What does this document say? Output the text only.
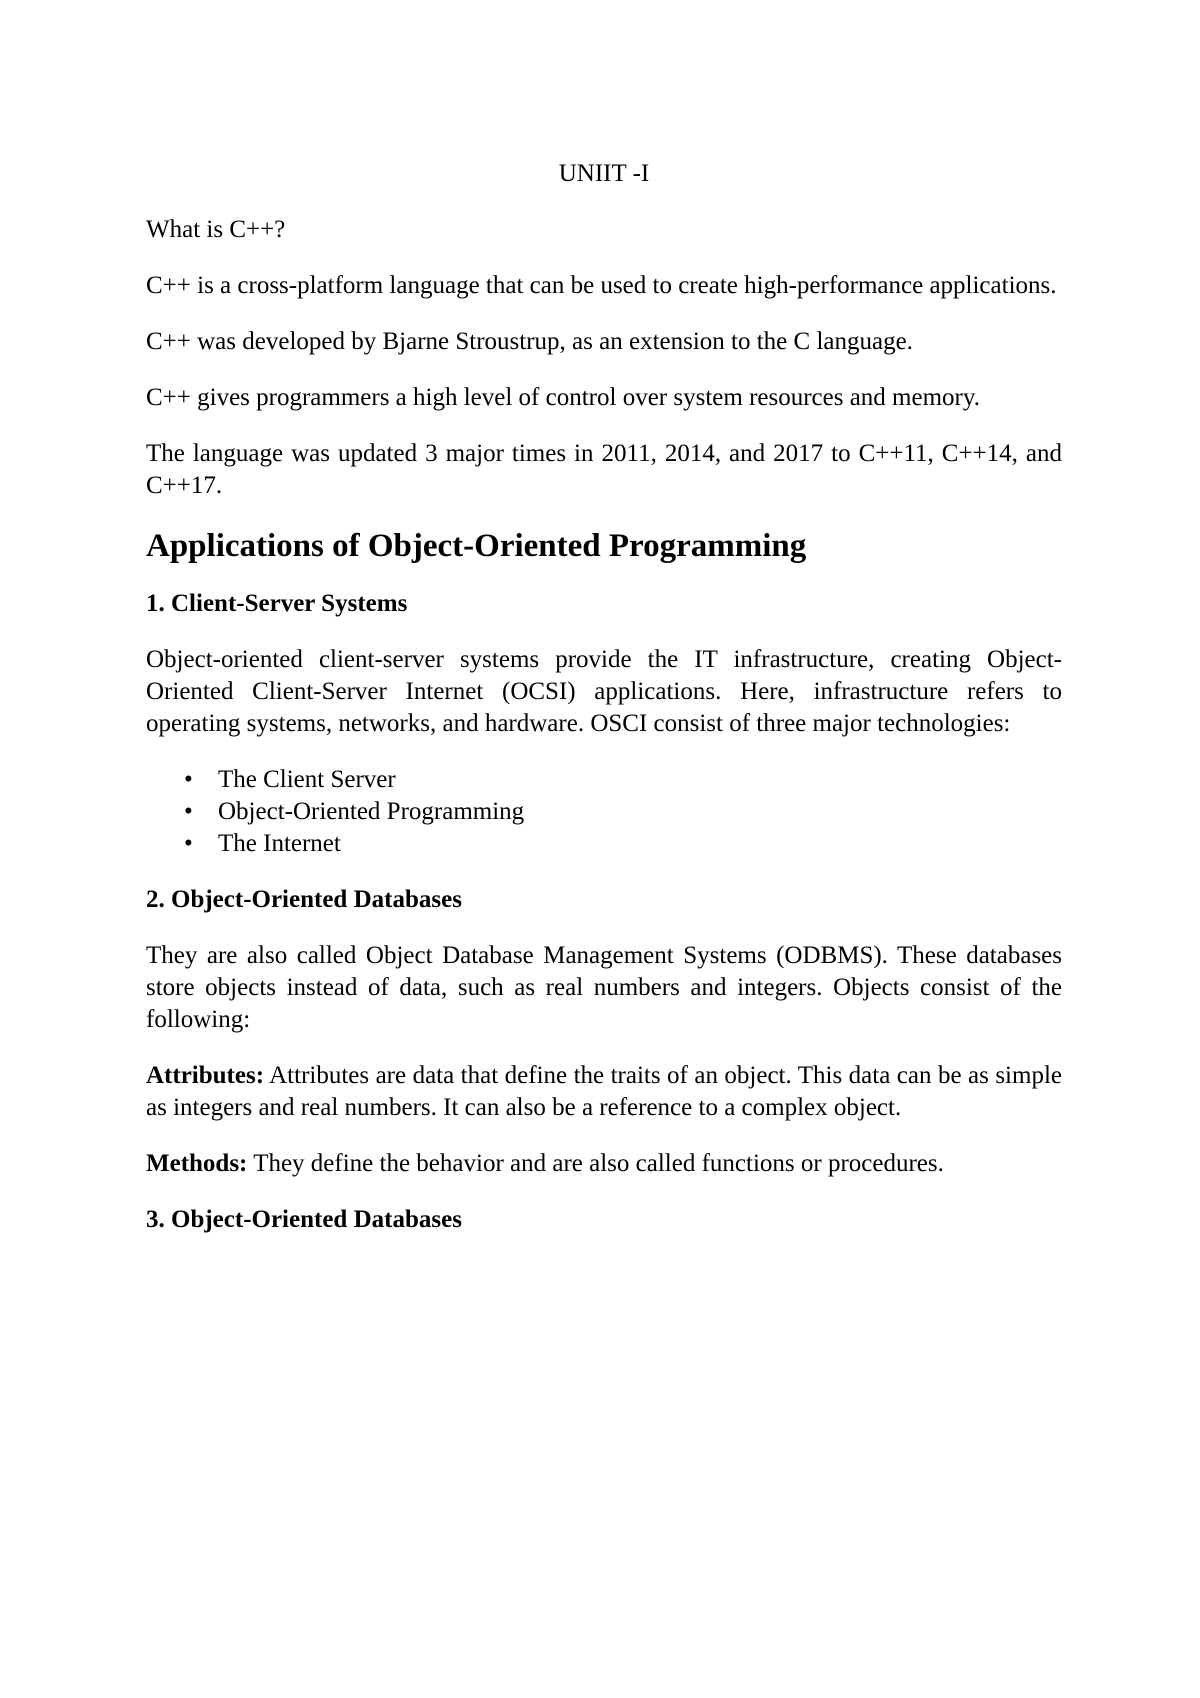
UNIIT -I

What is C++?

C++ is a cross-platform language that can be used to create high-performance applications.

C++ was developed by Bjarne Stroustrup, as an extension to the C language.

C++ gives programmers a high level of control over system resources and memory.

The language was updated 3 major times in 2011, 2014, and 2017 to C++11, C++14, and C++17.

Applications of Object-Oriented Programming

1. Client-Server Systems

Object-oriented client-server systems provide the IT infrastructure, creating Object-Oriented Client-Server Internet (OCSI) applications. Here, infrastructure refers to operating systems, networks, and hardware. OSCI consist of three major technologies:

• The Client Server
• Object-Oriented Programming
• The Internet

2. Object-Oriented Databases

They are also called Object Database Management Systems (ODBMS). These databases store objects instead of data, such as real numbers and integers. Objects consist of the following:

Attributes: Attributes are data that define the traits of an object. This data can be as simple as integers and real numbers. It can also be a reference to a complex object.

Methods: They define the behavior and are also called functions or procedures.

3. Object-Oriented Databases
